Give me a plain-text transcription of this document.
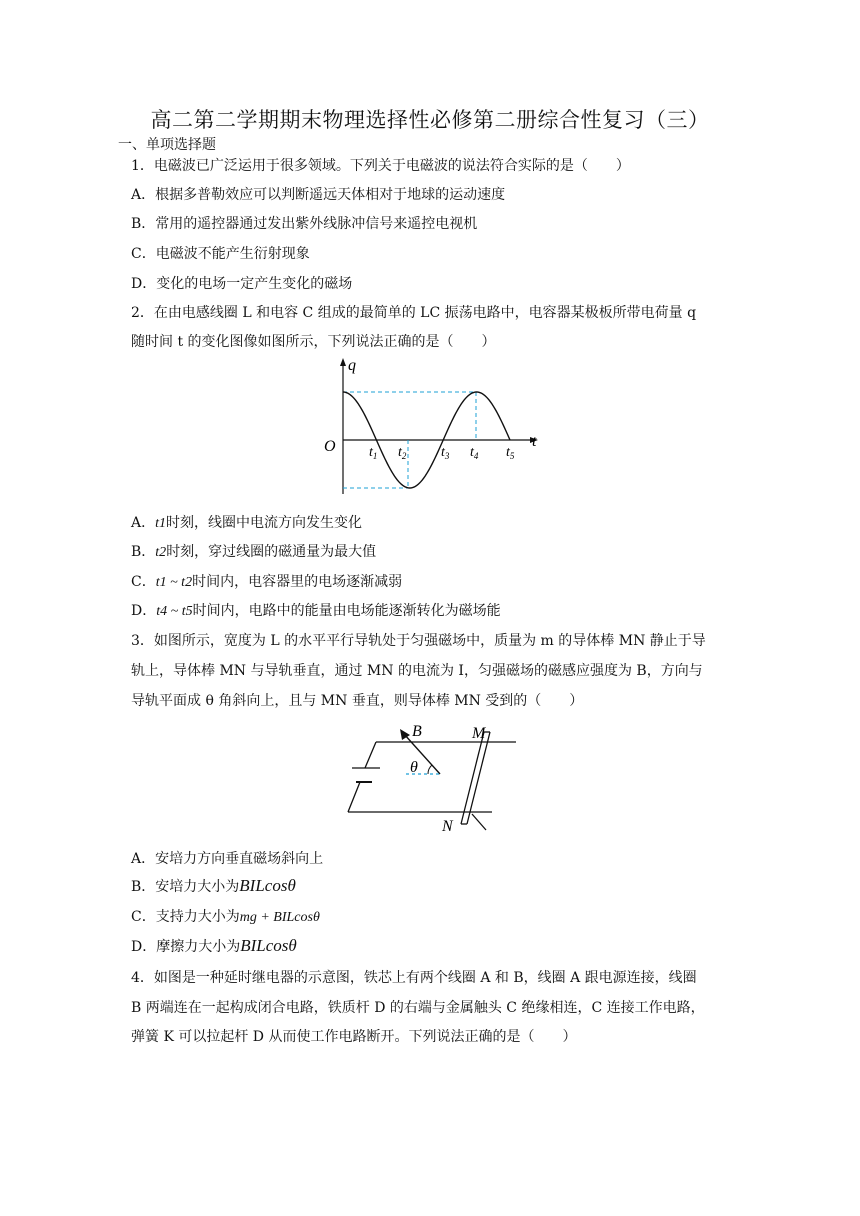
高二第二学期期末物理选择性必修第二册综合性复习（三）
一、单项选择题
1．电磁波已广泛运用于很多领域。下列关于电磁波的说法符合实际的是（　　）
A．根据多普勒效应可以判断遥远天体相对于地球的运动速度
B．常用的遥控器通过发出紫外线脉冲信号来遥控电视机
C．电磁波不能产生衍射现象
D．变化的电场一定产生变化的磁场
2．在由电感线圈 L 和电容 C 组成的最简单的 LC 振荡电路中，电容器某极板所带电荷量 q
随时间 t 的变化图像如图所示，下列说法正确的是（　　）
q
t
O $t_1$ $t_2$ $t_3$ $t_4$ $t_5$
A．t1时刻，线圈中电流方向发生变化
B．t2时刻，穿过线圈的磁通量为最大值
C．t1 ~ t2时间内，电容器里的电场逐渐减弱
D．t4 ~ t5时间内，电路中的能量由电场能逐渐转化为磁场能
3．如图所示，宽度为 L 的水平平行导轨处于匀强磁场中，质量为 m 的导体棒 MN 静止于导
轨上，导体棒 MN 与导轨垂直，通过 MN 的电流为 I，匀强磁场的磁感应强度为 B，方向与
导轨平面成 θ 角斜向上，且与 MN 垂直，则导体棒 MN 受到的（　　）
B	M
N
θ
A．安培力方向垂直磁场斜向上
B．安培力大小为BILcosθ
C．支持力大小为mg + BILcosθ
D．摩擦力大小为BILcosθ
4．如图是一种延时继电器的示意图，铁芯上有两个线圈 A 和 B，线圈 A 跟电源连接，线圈
B 两端连在一起构成闭合电路，铁质杆 D 的右端与金属触头 C 绝缘相连，C 连接工作电路，
弹簧 K 可以拉起杆 D 从而使工作电路断开。下列说法正确的是（　　）
